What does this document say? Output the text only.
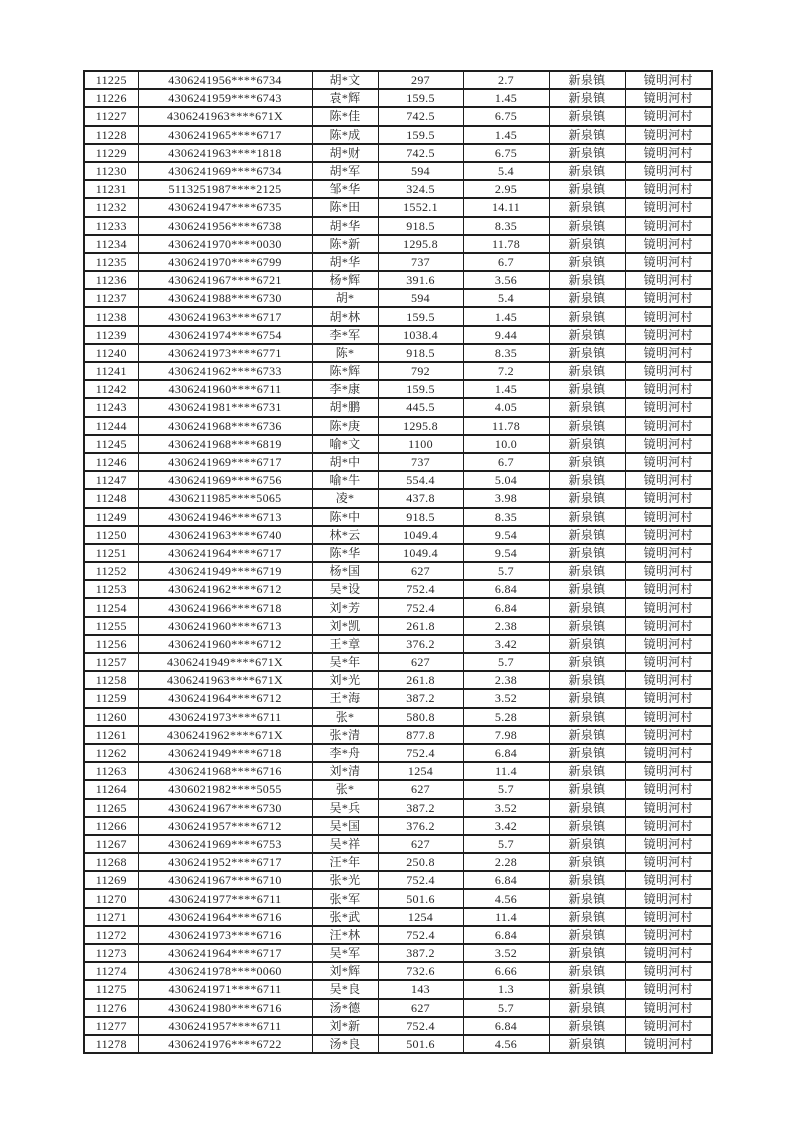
11225	4306241956****6734	胡*文	297	2.7	新泉镇	镜明河村
11226	4306241959****6743	袁*辉	159.5	1.45	新泉镇	镜明河村
11227	4306241963****671X	陈*佳	742.5	6.75	新泉镇	镜明河村
11228	4306241965****6717	陈*成	159.5	1.45	新泉镇	镜明河村
11229	4306241963****1818	胡*财	742.5	6.75	新泉镇	镜明河村
11230	4306241969****6734	胡*军	594	5.4	新泉镇	镜明河村
11231	5113251987****2125	邹*华	324.5	2.95	新泉镇	镜明河村
11232	4306241947****6735	陈*田	1552.1	14.11	新泉镇	镜明河村
11233	4306241956****6738	胡*华	918.5	8.35	新泉镇	镜明河村
11234	4306241970****0030	陈*新	1295.8	11.78	新泉镇	镜明河村
11235	4306241970****6799	胡*华	737	6.7	新泉镇	镜明河村
11236	4306241967****6721	杨*辉	391.6	3.56	新泉镇	镜明河村
11237	4306241988****6730	胡*	594	5.4	新泉镇	镜明河村
11238	4306241963****6717	胡*林	159.5	1.45	新泉镇	镜明河村
11239	4306241974****6754	李*军	1038.4	9.44	新泉镇	镜明河村
11240	4306241973****6771	陈*	918.5	8.35	新泉镇	镜明河村
11241	4306241962****6733	陈*辉	792	7.2	新泉镇	镜明河村
11242	4306241960****6711	李*康	159.5	1.45	新泉镇	镜明河村
11243	4306241981****6731	胡*鹏	445.5	4.05	新泉镇	镜明河村
11244	4306241968****6736	陈*庚	1295.8	11.78	新泉镇	镜明河村
11245	4306241968****6819	喻*文	1100	10.0	新泉镇	镜明河村
11246	4306241969****6717	胡*中	737	6.7	新泉镇	镜明河村
11247	4306241969****6756	喻*牛	554.4	5.04	新泉镇	镜明河村
11248	4306211985****5065	凌*	437.8	3.98	新泉镇	镜明河村
11249	4306241946****6713	陈*中	918.5	8.35	新泉镇	镜明河村
11250	4306241963****6740	林*云	1049.4	9.54	新泉镇	镜明河村
11251	4306241964****6717	陈*华	1049.4	9.54	新泉镇	镜明河村
11252	4306241949****6719	杨*国	627	5.7	新泉镇	镜明河村
11253	4306241962****6712	吴*设	752.4	6.84	新泉镇	镜明河村
11254	4306241966****6718	刘*芳	752.4	6.84	新泉镇	镜明河村
11255	4306241960****6713	刘*凯	261.8	2.38	新泉镇	镜明河村
11256	4306241960****6712	王*章	376.2	3.42	新泉镇	镜明河村
11257	4306241949****671X	吴*年	627	5.7	新泉镇	镜明河村
11258	4306241963****671X	刘*光	261.8	2.38	新泉镇	镜明河村
11259	4306241964****6712	王*海	387.2	3.52	新泉镇	镜明河村
11260	4306241973****6711	张*	580.8	5.28	新泉镇	镜明河村
11261	4306241962****671X	张*清	877.8	7.98	新泉镇	镜明河村
11262	4306241949****6718	李*舟	752.4	6.84	新泉镇	镜明河村
11263	4306241968****6716	刘*清	1254	11.4	新泉镇	镜明河村
11264	4306021982****5055	张*	627	5.7	新泉镇	镜明河村
11265	4306241967****6730	吴*兵	387.2	3.52	新泉镇	镜明河村
11266	4306241957****6712	吴*国	376.2	3.42	新泉镇	镜明河村
11267	4306241969****6753	吴*祥	627	5.7	新泉镇	镜明河村
11268	4306241952****6717	汪*年	250.8	2.28	新泉镇	镜明河村
11269	4306241967****6710	张*光	752.4	6.84	新泉镇	镜明河村
11270	4306241977****6711	张*军	501.6	4.56	新泉镇	镜明河村
11271	4306241964****6716	张*武	1254	11.4	新泉镇	镜明河村
11272	4306241973****6716	汪*林	752.4	6.84	新泉镇	镜明河村
11273	4306241964****6717	吴*军	387.2	3.52	新泉镇	镜明河村
11274	4306241978****0060	刘*辉	732.6	6.66	新泉镇	镜明河村
11275	4306241971****6711	吴*良	143	1.3	新泉镇	镜明河村
11276	4306241980****6716	汤*德	627	5.7	新泉镇	镜明河村
11277	4306241957****6711	刘*新	752.4	6.84	新泉镇	镜明河村
11278	4306241976****6722	汤*良	501.6	4.56	新泉镇	镜明河村
